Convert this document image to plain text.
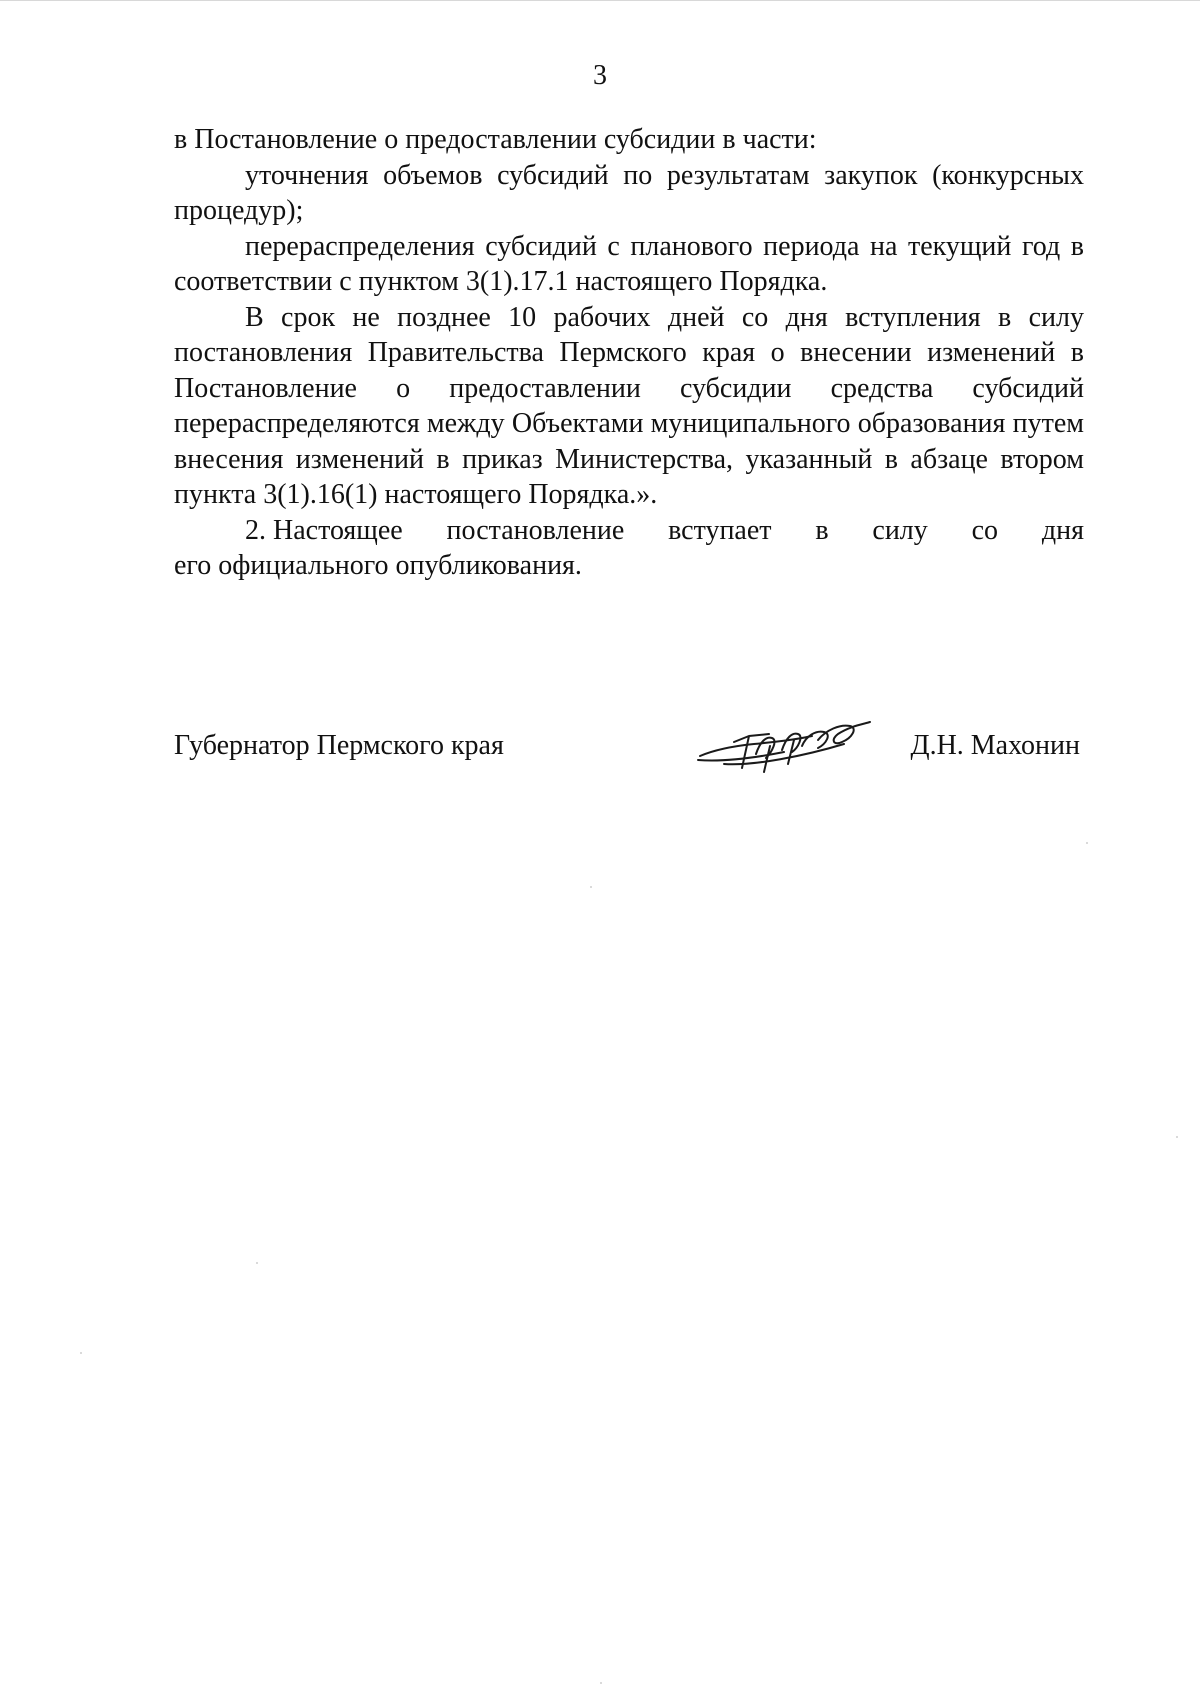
3

в Постановление о предоставлении субсидии в части:

уточнения объемов субсидий по результатам закупок (конкурсных процедур);

перераспределения субсидий с планового периода на текущий год в соответствии с пунктом 3(1).17.1 настоящего Порядка.

В срок не позднее 10 рабочих дней со дня вступления в силу постановления Правительства Пермского края о внесении изменений в Постановление о предоставлении субсидии средства субсидий перераспределяются между Объектами муниципального образования путем внесения изменений в приказ Министерства, указанный в абзаце втором пункта 3(1).16(1) настоящего Порядка.».

2. Настоящее постановление вступает в силу со дня
его официального опубликования.
Губернатор Пермского края	Д.Н. Махонин
